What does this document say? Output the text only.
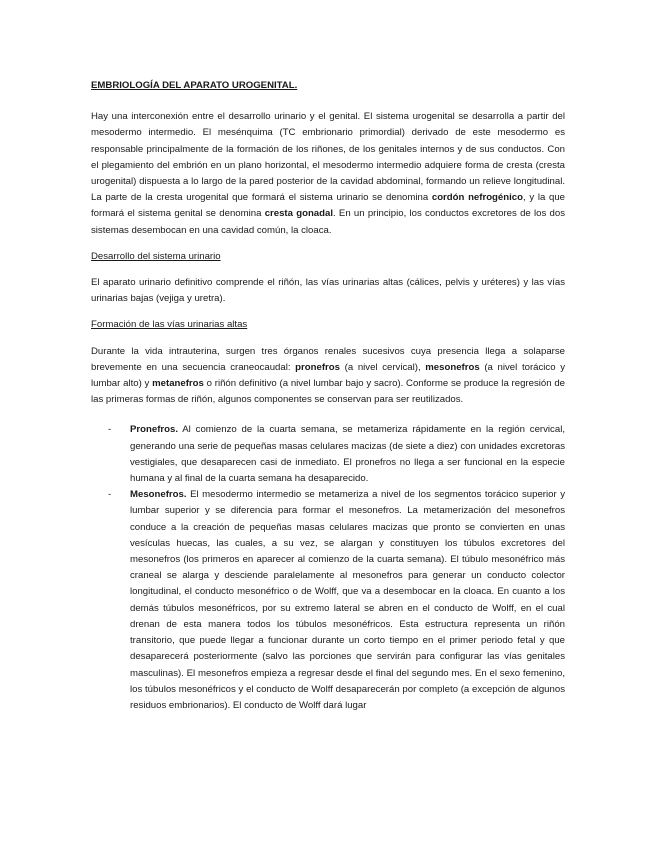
EMBRIOLOGÍA DEL APARATO UROGENITAL.

Hay una interconexión entre el desarrollo urinario y el genital. El sistema urogenital se desarrolla a partir del mesodermo intermedio. El mesénquima (TC embrionario primordial) derivado de este mesodermo es responsable principalmente de la formación de los riñones, de los genitales internos y de sus conductos. Con el plegamiento del embrión en un plano horizontal, el mesodermo intermedio adquiere forma de cresta (cresta urogenital) dispuesta a lo largo de la pared posterior de la cavidad abdominal, formando un relieve longitudinal. La parte de la cresta urogenital que formará el sistema urinario se denomina cordón nefrogénico, y la que formará el sistema genital se denomina cresta gonadal. En un principio, los conductos excretores de los dos sistemas desembocan en una cavidad común, la cloaca.

Desarrollo del sistema urinario

El aparato urinario definitivo comprende el riñón, las vías urinarias altas (cálices, pelvis y uréteres) y las vías urinarias bajas (vejiga y uretra).

Formación de las vías urinarias altas

Durante la vida intrauterina, surgen tres órganos renales sucesivos cuya presencia llega a solaparse brevemente en una secuencia craneocaudal: pronefros (a nivel cervical), mesonefros (a nivel torácico y lumbar alto) y metanefros o riñón definitivo (a nivel lumbar bajo y sacro). Conforme se produce la regresión de las primeras formas de riñón, algunos componentes se conservan para ser reutilizados.

- Pronefros. Al comienzo de la cuarta semana, se metameriza rápidamente en la región cervical, generando una serie de pequeñas masas celulares macizas (de siete a diez) con unidades excretoras vestigiales, que desaparecen casi de inmediato. El pronefros no llega a ser funcional en la especie humana y al final de la cuarta semana ha desaparecido.
- Mesonefros. El mesodermo intermedio se metameriza a nivel de los segmentos torácico superior y lumbar superior y se diferencia para formar el mesonefros. La metamerización del mesonefros conduce a la creación de pequeñas masas celulares macizas que pronto se convierten en unas vesículas huecas, las cuales, a su vez, se alargan y constituyen los túbulos excretores del mesonefros (los primeros en aparecer al comienzo de la cuarta semana). El túbulo mesonéfrico más craneal se alarga y desciende paralelamente al mesonefros para generar un conducto colector longitudinal, el conducto mesonéfrico o de Wolff, que va a desembocar en la cloaca. En cuanto a los demás túbulos mesonéfricos, por su extremo lateral se abren en el conducto de Wolff, en el cual drenan de esta manera todos los túbulos mesonéfricos. Esta estructura representa un riñón transitorio, que puede llegar a funcionar durante un corto tiempo en el primer periodo fetal y que desaparecerá posteriormente (salvo las porciones que servirán para configurar las vías genitales masculinas). El mesonefros empieza a regresar desde el final del segundo mes. En el sexo femenino, los túbulos mesonéfricos y el conducto de Wolff desaparecerán por completo (a excepción de algunos residuos embrionarios). El conducto de Wolff dará lugar
